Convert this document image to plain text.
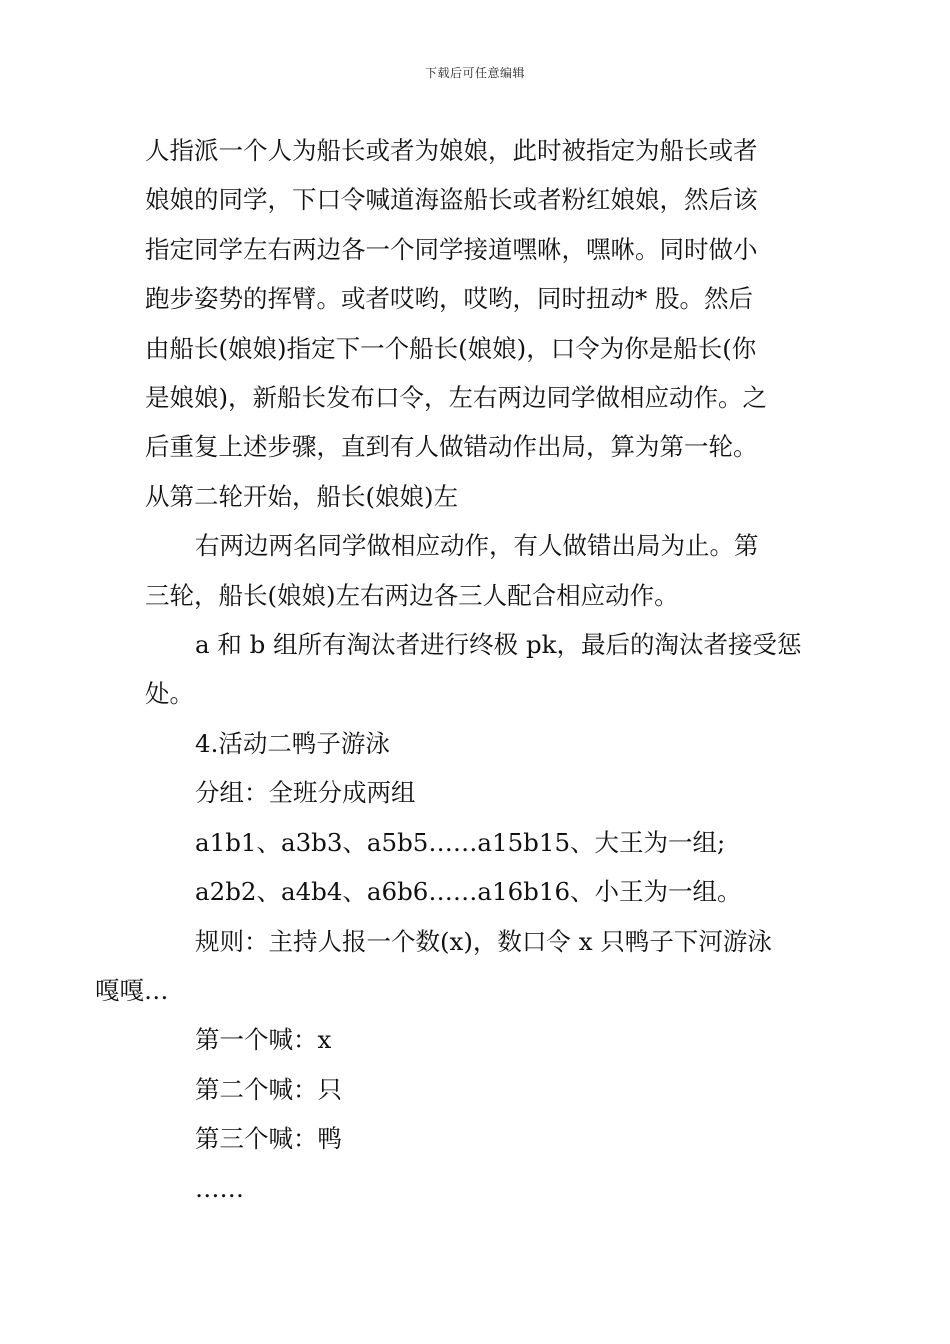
下载后可任意编辑

人指派一个人为船长或者为娘娘，此时被指定为船长或者
娘娘的同学，下口令喊道海盗船长或者粉红娘娘，然后该
指定同学左右两边各一个同学接道嘿咻，嘿咻。同时做小
跑步姿势的挥臂。或者哎哟，哎哟，同时扭动* 股。然后
由船长(娘娘)指定下一个船长(娘娘)，口令为你是船长(你
是娘娘)，新船长发布口令，左右两边同学做相应动作。之
后重复上述步骤，直到有人做错动作出局，算为第一轮。
从第二轮开始，船长(娘娘)左

右两边两名同学做相应动作，有人做错出局为止。第
三轮，船长(娘娘)左右两边各三人配合相应动作。

a 和 b 组所有淘汰者进行终极 pk，最后的淘汰者接受惩
处。

4.活动二鸭子游泳

分组：全班分成两组

a1b1、a3b3、a5b5……a15b15、大王为一组;

a2b2、a4b4、a6b6……a16b16、小王为一组。

规则：主持人报一个数(x)，数口令 x 只鸭子下河游泳
嘎嘎…

第一个喊：x

第二个喊：只

第三个喊：鸭

……
